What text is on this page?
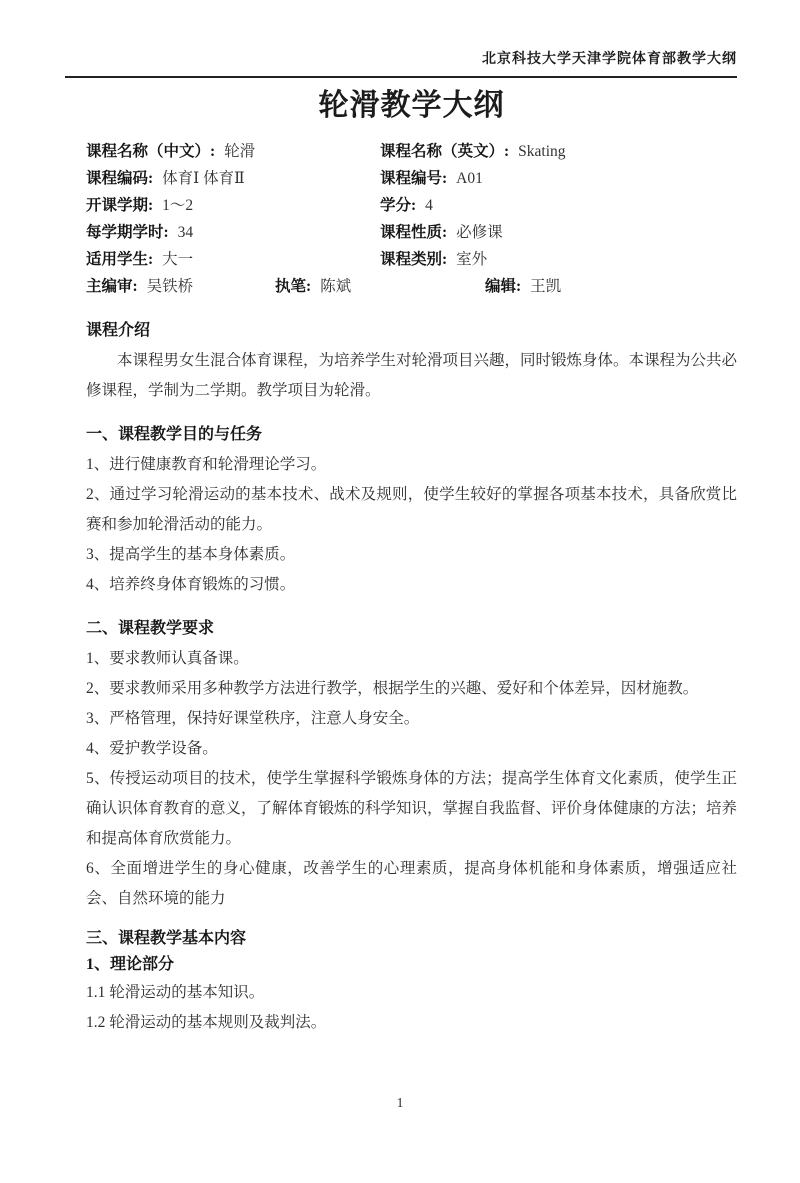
北京科技大学天津学院体育部教学大纲
轮滑教学大纲
课程名称（中文）: 轮滑	课程名称（英文）: Skating
课程编码: 体育Ⅰ 体育Ⅱ	课程编号: A01
开课学期: 1～2	学分: 4
每学期学时: 34	课程性质: 必修课
适用学生: 大一	课程类别: 室外
主编审: 吴铁桥	执笔: 陈斌	编辑: 王凯
课程介绍
本课程男女生混合体育课程，为培养学生对轮滑项目兴趣，同时锻炼身体。本课程为公共必修课程，学制为二学期。教学项目为轮滑。
一、课程教学目的与任务
1、进行健康教育和轮滑理论学习。
2、通过学习轮滑运动的基本技术、战术及规则，使学生较好的掌握各项基本技术，具备欣赏比赛和参加轮滑活动的能力。
3、提高学生的基本身体素质。
4、培养终身体育锻炼的习惯。
二、课程教学要求
1、要求教师认真备课。
2、要求教师采用多种教学方法进行教学，根据学生的兴趣、爱好和个体差异，因材施教。
3、严格管理，保持好课堂秩序，注意人身安全。
4、爱护教学设备。
5、传授运动项目的技术，使学生掌握科学锻炼身体的方法；提高学生体育文化素质，使学生正确认识体育教育的意义，了解体育锻炼的科学知识，掌握自我监督、评价身体健康的方法；培养和提高体育欣赏能力。
6、全面增进学生的身心健康，改善学生的心理素质，提高身体机能和身体素质，增强适应社会、自然环境的能力
三、课程教学基本内容
1、理论部分
1.1 轮滑运动的基本知识。
1.2 轮滑运动的基本规则及裁判法。
1
